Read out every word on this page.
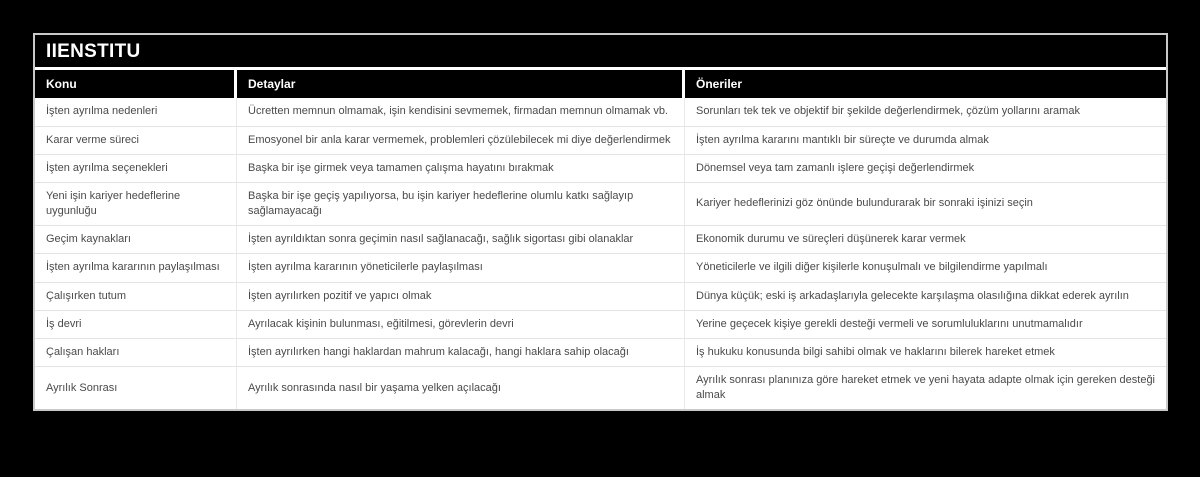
IIENSTITU
Konu	Detaylar	Öneriler
İşten ayrılma nedenleri	Ücretten memnun olmamak, işin kendisini sevmemek, firmadan memnun olmamak vb.	Sorunları tek tek ve objektif bir şekilde değerlendirmek, çözüm yollarını aramak
Karar verme süreci	Emosyonel bir anla karar vermemek, problemleri çözülebilecek mi diye değerlendirmek	İşten ayrılma kararını mantıklı bir süreçte ve durumda almak
İşten ayrılma seçenekleri	Başka bir işe girmek veya tamamen çalışma hayatını bırakmak	Dönemsel veya tam zamanlı işlere geçişi değerlendirmek
Yeni işin kariyer hedeflerine uygunluğu	Başka bir işe geçiş yapılıyorsa, bu işin kariyer hedeflerine olumlu katkı sağlayıp sağlamayacağı	Kariyer hedeflerinizi göz önünde bulundurarak bir sonraki işinizi seçin
Geçim kaynakları	İşten ayrıldıktan sonra geçimin nasıl sağlanacağı, sağlık sigortası gibi olanaklar	Ekonomik durumu ve süreçleri düşünerek karar vermek
İşten ayrılma kararının paylaşılması	İşten ayrılma kararının yöneticilerle paylaşılması	Yöneticilerle ve ilgili diğer kişilerle konuşulmalı ve bilgilendirme yapılmalı
Çalışırken tutum	İşten ayrılırken pozitif ve yapıcı olmak	Dünya küçük; eski iş arkadaşlarıyla gelecekte karşılaşma olasılığına dikkat ederek ayrılın
İş devri	Ayrılacak kişinin bulunması, eğitilmesi, görevlerin devri	Yerine geçecek kişiye gerekli desteği vermeli ve sorumluluklarını unutmamalıdır
Çalışan hakları	İşten ayrılırken hangi haklardan mahrum kalacağı, hangi haklara sahip olacağı	İş hukuku konusunda bilgi sahibi olmak ve haklarını bilerek hareket etmek
Ayrılık Sonrası	Ayrılık sonrasında nasıl bir yaşama yelken açılacağı	Ayrılık sonrası planınıza göre hareket etmek ve yeni hayata adapte olmak için gereken desteği almak
